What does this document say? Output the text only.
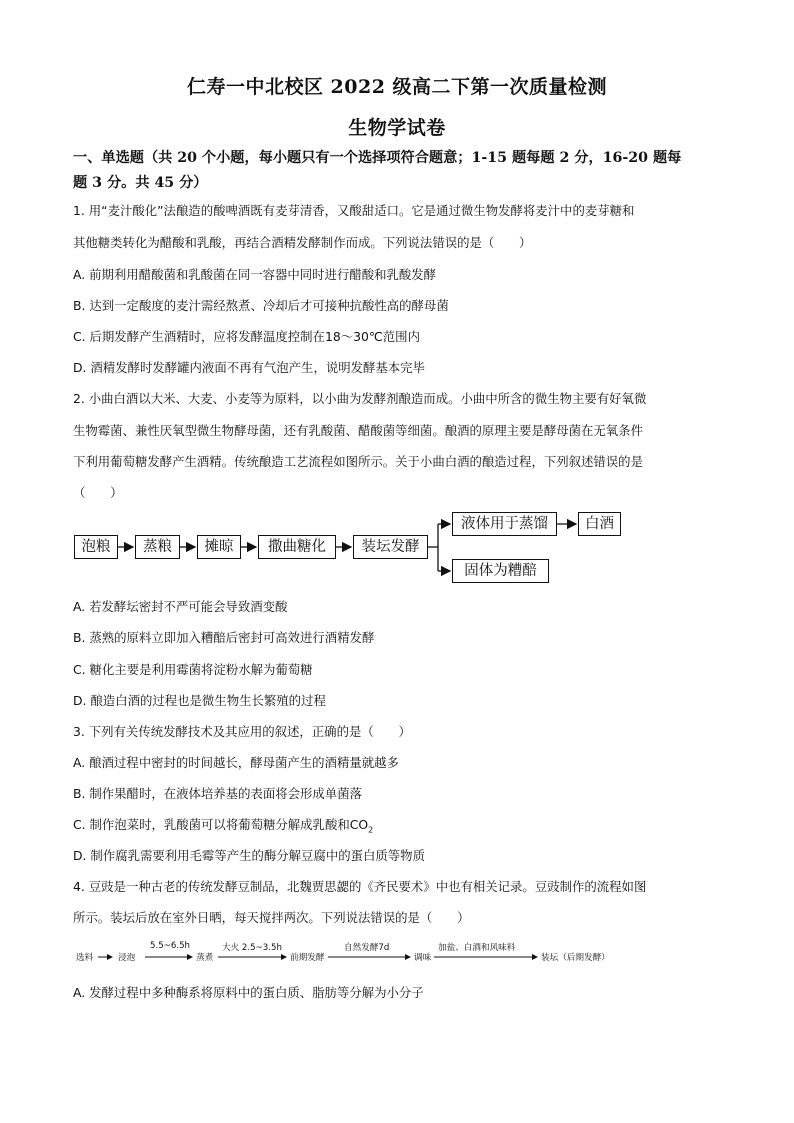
仁寿一中北校区 2022 级高二下第一次质量检测
生物学试卷
一、单选题（共 20 个小题，每小题只有一个选择项符合题意；1-15 题每题 2 分，16-20 题每
题 3 分。共 45 分）
1. 用“麦汁酸化”法酿造的酸啤酒既有麦芽清香，又酸甜适口。它是通过微生物发酵将麦汁中的麦芽糖和
其他糖类转化为醋酸和乳酸，再结合酒精发酵制作而成。下列说法错误的是（　　）
A. 前期利用醋酸菌和乳酸菌在同一容器中同时进行醋酸和乳酸发酵
B. 达到一定酸度的麦汁需经熬煮、冷却后才可接种抗酸性高的酵母菌
C. 后期发酵产生酒精时，应将发酵温度控制在18～30℃范围内
D. 酒精发酵时发酵罐内液面不再有气泡产生，说明发酵基本完毕
2. 小曲白酒以大米、大麦、小麦等为原料，以小曲为发酵剂酿造而成。小曲中所含的微生物主要有好氧微
生物霉菌、兼性厌氧型微生物酵母菌，还有乳酸菌、醋酸菌等细菌。酿酒的原理主要是酵母菌在无氧条件
下利用葡萄糖发酵产生酒精。传统酿造工艺流程如图所示。关于小曲白酒的酿造过程，下列叙述错误的是
（　　）
泡粮	蒸粮	摊晾	撒曲糖化	装坛发酵
液体用于蒸馏	白酒
固体为糟醅
A. 若发酵坛密封不严可能会导致酒变酸
B. 蒸熟的原料立即加入糟醅后密封可高效进行酒精发酵
C. 糖化主要是利用霉菌将淀粉水解为葡萄糖
D. 酿造白酒的过程也是微生物生长繁殖的过程
3. 下列有关传统发酵技术及其应用的叙述，正确的是（　　）
A. 酿酒过程中密封的时间越长，酵母菌产生的酒精量就越多
B. 制作果醋时，在液体培养基的表面将会形成单菌落
C. 制作泡菜时，乳酸菌可以将葡萄糖分解成乳酸和$CO_2$
D. 制作腐乳需要利用毛霉等产生的酶分解豆腐中的蛋白质等物质
4. 豆豉是一种古老的传统发酵豆制品，北魏贾思勰的《齐民要术》中也有相关记录。豆豉制作的流程如图
所示。装坛后放在室外日晒，每天搅拌两次。下列说法错误的是（　　）
选料	浸泡
5.5~6.5h
蒸煮
大火 2.5~3.5h
前期发酵
自然发酵7d
调味
加盐、白酒和风味料
装坛（后期发酵）
A. 发酵过程中多种酶系将原料中的蛋白质、脂肪等分解为小分子
